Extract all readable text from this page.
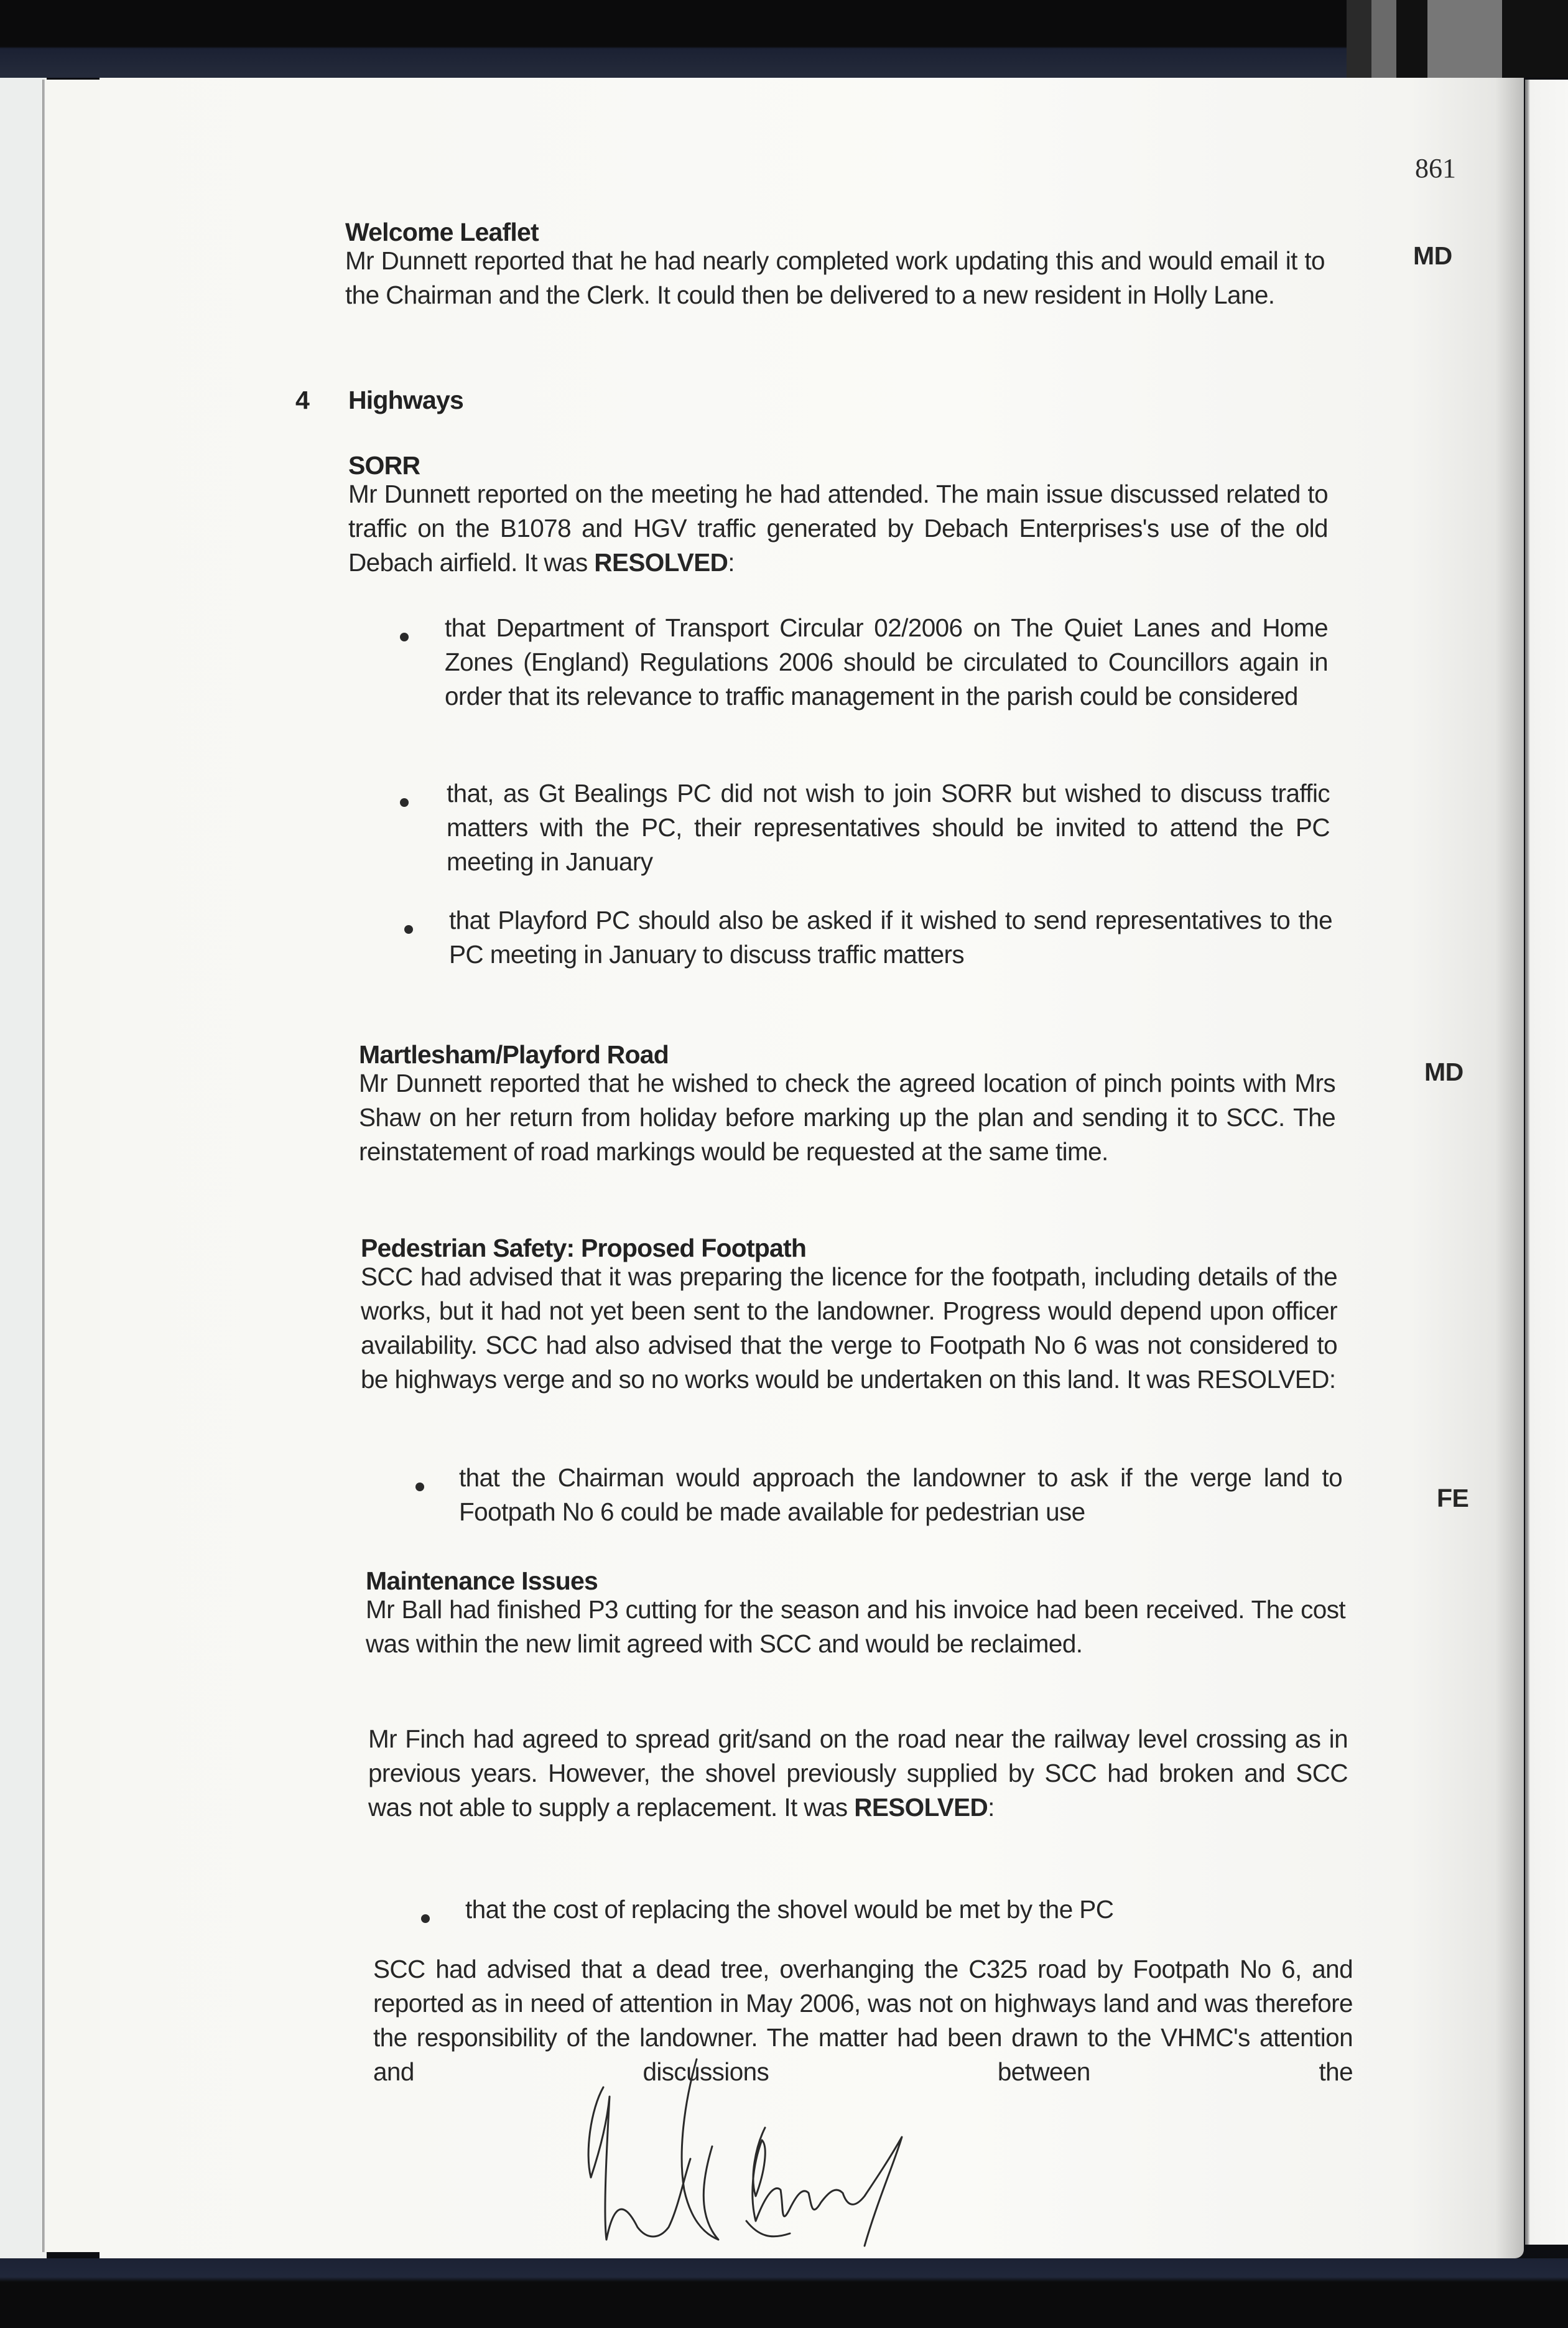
861
Welcome Leaflet
Mr Dunnett reported that he had nearly completed work updating this and would email it to the Chairman and the Clerk. It could then be delivered to a new resident in Holly Lane.
MD
4 Highways
SORR
Mr Dunnett reported on the meeting he had attended. The main issue discussed related to traffic on the B1078 and HGV traffic generated by Debach Enterprises's use of the old Debach airfield. It was RESOLVED:
that Department of Transport Circular 02/2006 on The Quiet Lanes and Home Zones (England) Regulations 2006 should be circulated to Councillors again in order that its relevance to traffic management in the parish could be considered
that, as Gt Bealings PC did not wish to join SORR but wished to discuss traffic matters with the PC, their representatives should be invited to attend the PC meeting in January
that Playford PC should also be asked if it wished to send representatives to the PC meeting in January to discuss traffic matters
Martlesham/Playford Road
Mr Dunnett reported that he wished to check the agreed location of pinch points with Mrs Shaw on her return from holiday before marking up the plan and sending it to SCC. The reinstatement of road markings would be requested at the same time.
MD
Pedestrian Safety: Proposed Footpath
SCC had advised that it was preparing the licence for the footpath, including details of the works, but it had not yet been sent to the landowner. Progress would depend upon officer availability. SCC had also advised that the verge to Footpath No 6 was not considered to be highways verge and so no works would be undertaken on this land. It was RESOLVED:
that the Chairman would approach the landowner to ask if the verge land to Footpath No 6 could be made available for pedestrian use	FE
Maintenance Issues
Mr Ball had finished P3 cutting for the season and his invoice had been received. The cost was within the new limit agreed with SCC and would be reclaimed.
Mr Finch had agreed to spread grit/sand on the road near the railway level crossing as in previous years. However, the shovel previously supplied by SCC had broken and SCC was not able to supply a replacement. It was RESOLVED:
that the cost of replacing the shovel would be met by the PC
SCC had advised that a dead tree, overhanging the C325 road by Footpath No 6, and reported as in need of attention in May 2006, was not on highways land and was therefore the responsibility of the landowner. The matter had been drawn to the VHMC's attention and discussions between the
